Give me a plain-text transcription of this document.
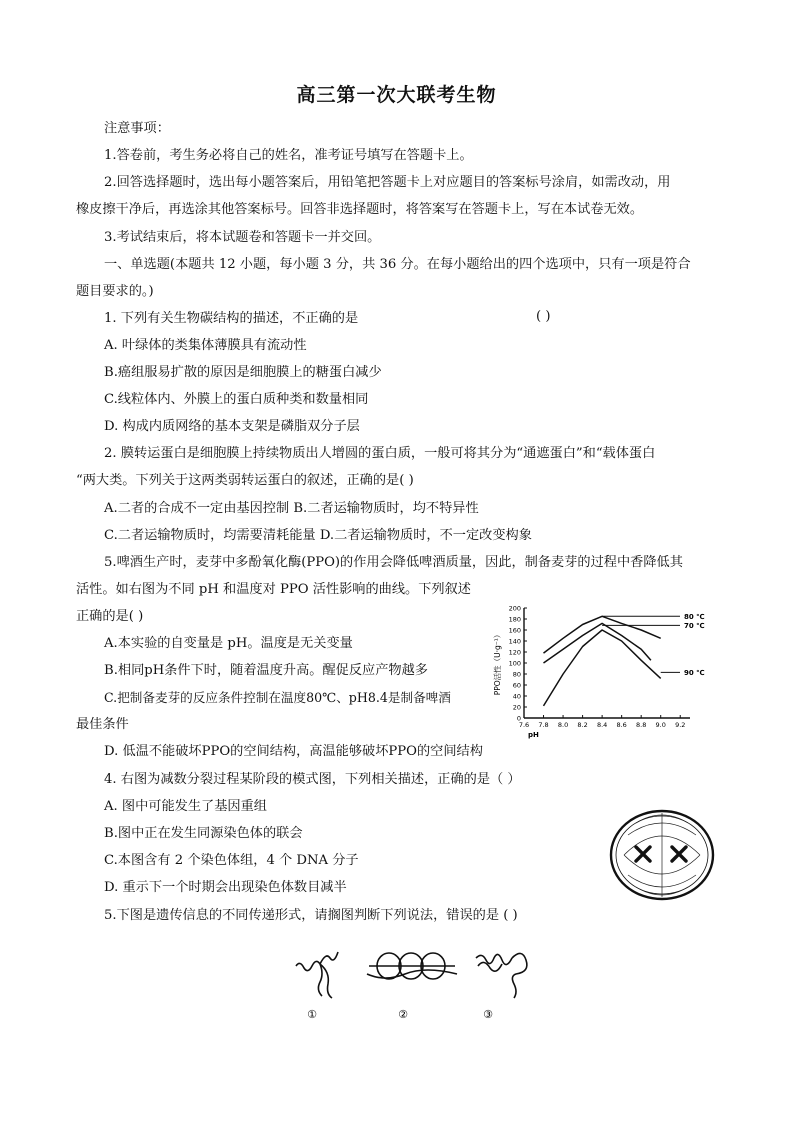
高三第一次大联考生物
注意事项：
1.答卷前，考生务必将自己的姓名，准考证号填写在答题卡上。
2.回答选择题时，选出每小题答案后，用铅笔把答题卡上对应题目的答案标号涂肩，如需改动，用
橡皮擦干净后，再选涂其他答案标号。回答非选择题时，将答案写在答题卡上，写在本试卷无效。
3.考试结束后，将本试题卷和答题卡一并交回。
一、单选题(本题共 12 小题，每小题 3 分，共 36 分。在每小题给出的四个选项中，只有一项是符合
题目要求的。)
1. 下列有关生物碳结构的描述，不正确的是	( )
A. 叶绿体的类集体薄膜具有流动性
B.癌组服易扩散的原因是细胞膜上的糖蛋白减少
C.线粒体内、外膜上的蛋白质种类和数量相同
D. 构成内质网络的基本支架是磷脂双分子层
2. 膜转运蛋白是细胞膜上持续物质出人增圆的蛋白质，一般可将其分为“通遮蛋白”和“载体蛋白
“两大类。下列关于这两类弱转运蛋白的叙述，正确的是( )
A.二者的合成不一定由基因控制 B.二者运输物质时，均不特异性
C.二者运输物质时，均需要清耗能量 D.二者运输物质时，不一定改变构象
5.啤酒生产时，麦芽中多酚氧化酶(PPO)的作用会降低啤酒质量，因此，制备麦芽的过程中香降低其
活性。如右图为不同 pH 和温度对 PPO 活性影响的曲线。下列叙述
正确的是( )
A.本实验的自变量是 pH。温度是无关变量
B.相同pH条件下时，随着温度升高。醒促反应产物越多
C.把制备麦芽的反应条件控制在温度80℃、pH8.4是制备啤酒
最佳条件
D. 低温不能破坏PPO的空间结构，高温能够破坏PPO的空间结构
0
20
40
60
80
100
120
140
160
180
200
7.6 7.8 8.0 8.2 8.4 8.6 8.8 9.0 9.2
pH
PPO活性（U·g⁻¹）
80 ℃
70 ℃
90 ℃
4. 右图为减数分裂过程某阶段的模式图，下列相关描述，正确的是（ ）
A. 图中可能发生了基因重组
B.图中正在发生同源染色体的联会
C.本图含有 2 个染色体组，4 个 DNA 分子
D. 重示下一个时期会出现染色体数目减半
5.下图是遗传信息的不同传递形式，请搁图判断下列说法，错误的是 ( )
①	②	③
